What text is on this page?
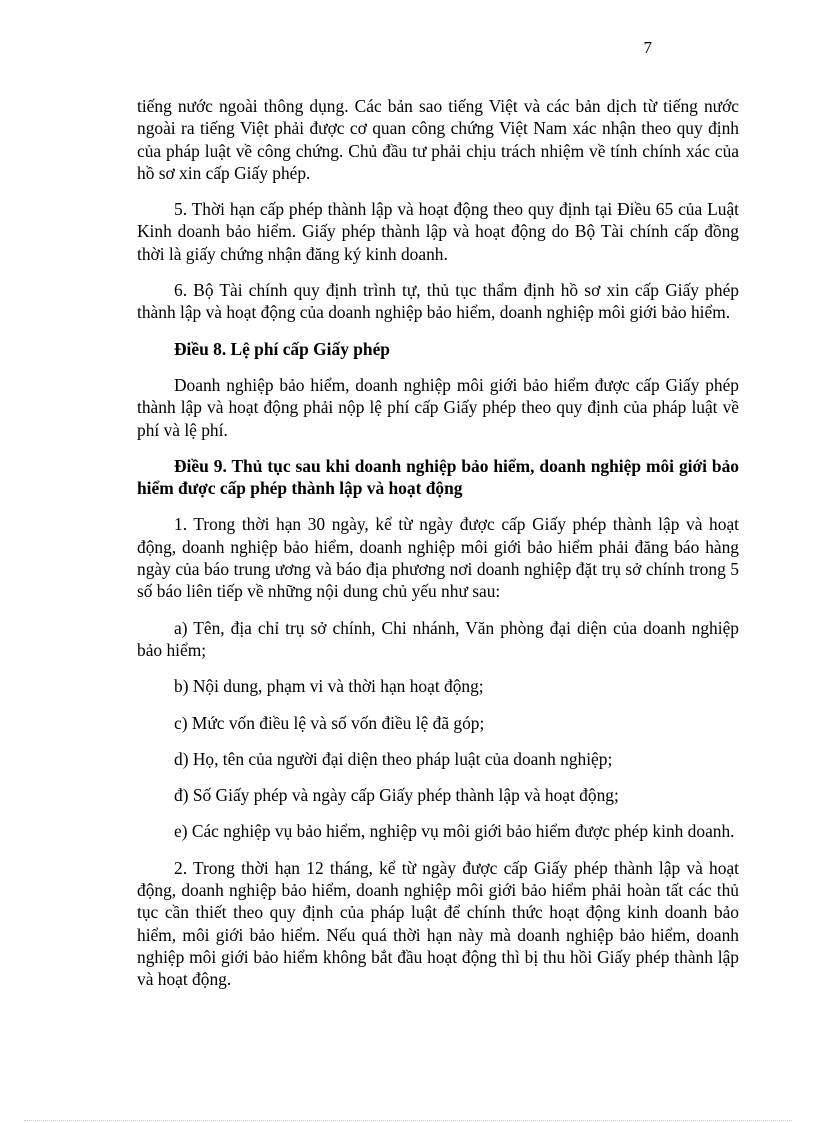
7

tiếng nước ngoài thông dụng. Các bản sao tiếng Việt và các bản dịch từ tiếng nước ngoài ra tiếng Việt phải được cơ quan công chứng Việt Nam xác nhận theo quy định của pháp luật về công chứng. Chủ đầu tư phải chịu trách nhiệm về tính chính xác của hồ sơ xin cấp Giấy phép.

5. Thời hạn cấp phép thành lập và hoạt động theo quy định tại Điều 65 của Luật Kinh doanh bảo hiểm. Giấy phép thành lập và hoạt động do Bộ Tài chính cấp đồng thời là giấy chứng nhận đăng ký kinh doanh.

6. Bộ Tài chính quy định trình tự, thủ tục thẩm định hồ sơ xin cấp Giấy phép thành lập và hoạt động của doanh nghiệp bảo hiểm, doanh nghiệp môi giới bảo hiểm.

Điều 8. Lệ phí cấp Giấy phép

Doanh nghiệp bảo hiểm, doanh nghiệp môi giới bảo hiểm được cấp Giấy phép thành lập và hoạt động phải nộp lệ phí cấp Giấy phép theo quy định của pháp luật về phí và lệ phí.

Điều 9. Thủ tục sau khi doanh nghiệp bảo hiểm, doanh nghiệp môi giới bảo hiểm được cấp phép thành lập và hoạt động

1. Trong thời hạn 30 ngày, kể từ ngày được cấp Giấy phép thành lập và hoạt động, doanh nghiệp bảo hiểm, doanh nghiệp môi giới bảo hiểm phải đăng báo hàng ngày của báo trung ương và báo địa phương nơi doanh nghiệp đặt trụ sở chính trong 5 số báo liên tiếp về những nội dung chủ yếu như sau:

a) Tên, địa chỉ trụ sở chính, Chi nhánh, Văn phòng đại diện của doanh nghiệp bảo hiểm;

b) Nội dung, phạm vi và thời hạn hoạt động;

c) Mức vốn điều lệ và số vốn điều lệ đã góp;

d) Họ, tên của người đại diện theo pháp luật của doanh nghiệp;

đ) Số Giấy phép và ngày cấp Giấy phép thành lập và hoạt động;

e) Các nghiệp vụ bảo hiểm, nghiệp vụ môi giới bảo hiểm được phép kinh doanh.

2. Trong thời hạn 12 tháng, kể từ ngày được cấp Giấy phép thành lập và hoạt động, doanh nghiệp bảo hiểm, doanh nghiệp môi giới bảo hiểm phải hoàn tất các thủ tục cần thiết theo quy định của pháp luật để chính thức hoạt động kinh doanh bảo hiểm, môi giới bảo hiểm. Nếu quá thời hạn này mà doanh nghiệp bảo hiểm, doanh nghiệp môi giới bảo hiểm không bắt đầu hoạt động thì bị thu hồi Giấy phép thành lập và hoạt động.
